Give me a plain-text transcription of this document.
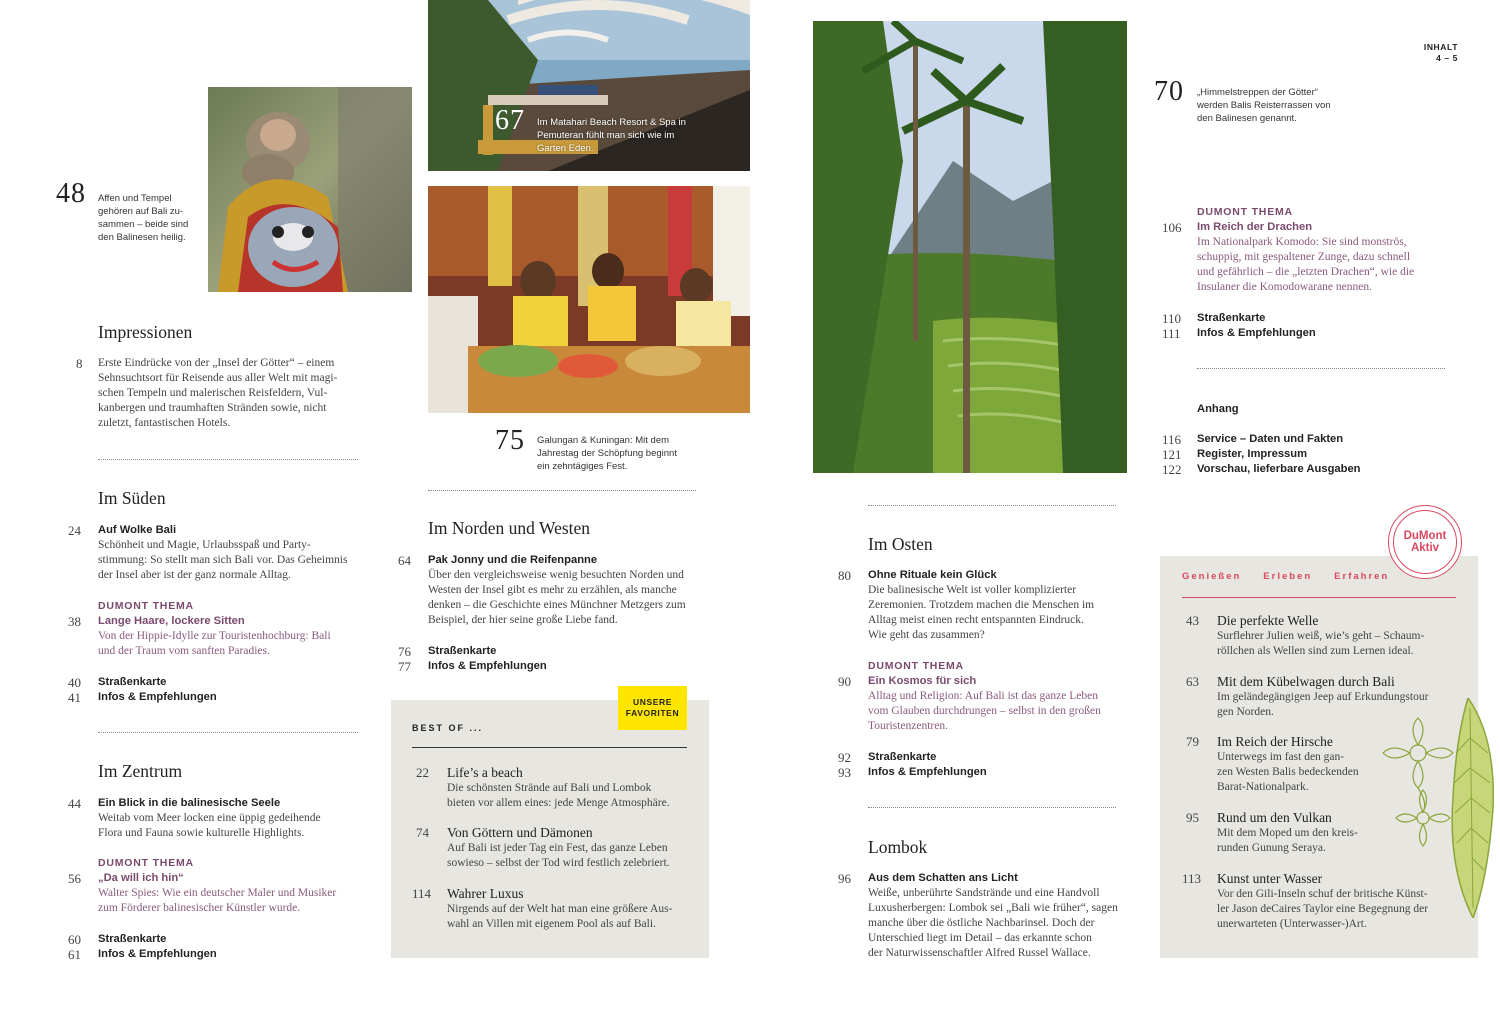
INHALT
4 – 5
48 Affen und Tempel
gehören auf Bali zu-
sammen – beide sind
den Balinesen heilig.
67 Im Matahari Beach Resort & Spa in
Pemuteran fühlt man sich wie im
Garten Eden.
75 Galungan & Kuningan: Mit dem
Jahrestag der Schöpfung beginnt
ein zehntägiges Fest.
70 „Himmelstreppen der Götter“
werden Balis Reisterrassen von
den Balinesen genannt.
Impressionen
8 Erste Eindrücke von der „Insel der Götter“ – einem
Sehnsuchtsort für Reisende aus aller Welt mit magi-
schen Tempeln und malerischen Reisfeldern, Vul-
kanbergen und traumhaften Stränden sowie, nicht
zuletzt, fantastischen Hotels.
Im Süden
24 Auf Wolke Bali
Schönheit und Magie, Urlaubsspaß und Party-
stimmung: So stellt man sich Bali vor. Das Geheimnis
der Insel aber ist der ganz normale Alltag.
38
DUMONT THEMA
Lange Haare, lockere Sitten
Von der Hippie-Idylle zur Touristenhochburg: Bali
und der Traum vom sanften Paradies.
40 Straßenkarte
41 Infos & Empfehlungen
Im Zentrum
44 Ein Blick in die balinesische Seele
Weitab vom Meer locken eine üppig gedeihende
Flora und Fauna sowie kulturelle Highlights.
56
DUMONT THEMA
„Da will ich hin“
Walter Spies: Wie ein deutscher Maler und Musiker
zum Förderer balinesischer Künstler wurde.
60 Straßenkarte
61 Infos & Empfehlungen
Im Norden und Westen
64 Pak Jonny und die Reifenpanne
Über den vergleichsweise wenig besuchten Norden und
Westen der Insel gibt es mehr zu erzählen, als manche
denken – die Geschichte eines Münchner Metzgers zum
Beispiel, der hier seine große Liebe fand.
76 Straßenkarte
77 Infos & Empfehlungen
UNSERE
FAVORITEN
BEST OF ...
22 Life’s a beach
Die schönsten Strände auf Bali und Lombok
bieten vor allem eines: jede Menge Atmosphäre.
74 Von Göttern und Dämonen
Auf Bali ist jeder Tag ein Fest, das ganze Leben
sowieso – selbst der Tod wird festlich zelebriert.
114 Wahrer Luxus
Nirgends auf der Welt hat man eine größere Aus-
wahl an Villen mit eigenem Pool als auf Bali.
Im Osten
80 Ohne Rituale kein Glück
Die balinesische Welt ist voller komplizierter
Zeremonien. Trotzdem machen die Menschen im
Alltag meist einen recht entspannten Eindruck.
Wie geht das zusammen?
90
DUMONT THEMA
Ein Kosmos für sich
Alltag und Religion: Auf Bali ist das ganze Leben
vom Glauben durchdrungen – selbst in den großen
Touristenzentren.
92 Straßenkarte
93 Infos & Empfehlungen
Lombok
96 Aus dem Schatten ans Licht
Weiße, unberührte Sandstrände und eine Handvoll
Luxusherbergen: Lombok sei „Bali wie früher“, sagen
manche über die östliche Nachbarinsel. Doch der
Unterschied liegt im Detail – das erkannte schon
der Naturwissenschaftler Alfred Russel Wallace.
106
DUMONT THEMA
Im Reich der Drachen
Im Nationalpark Komodo: Sie sind monströs,
schuppig, mit gespaltener Zunge, dazu schnell
und gefährlich – die „letzten Drachen“, wie die
Insulaner die Komodowarane nennen.
110 Straßenkarte
111 Infos & Empfehlungen
Anhang
116 Service – Daten und Fakten
121 Register, Impressum
122 Vorschau, lieferbare Ausgaben
DuMont
Aktiv
Genießen Erleben Erfahren
43 Die perfekte Welle
Surflehrer Julien weiß, wie’s geht – Schaum-
röllchen als Wellen sind zum Lernen ideal.
63 Mit dem Kübelwagen durch Bali
Im geländegängigen Jeep auf Erkundungstour
gen Norden.
79 Im Reich der Hirsche
Unterwegs im fast den gan-
zen Westen Balis bedeckenden
Barat-Nationalpark.
95 Rund um den Vulkan
Mit dem Moped um den kreis-
runden Gunung Seraya.
113 Kunst unter Wasser
Vor den Gili-Inseln schuf der britische Künst-
ler Jason deCaires Taylor eine Begegnung der
unerwarteten (Unterwasser-)Art.
